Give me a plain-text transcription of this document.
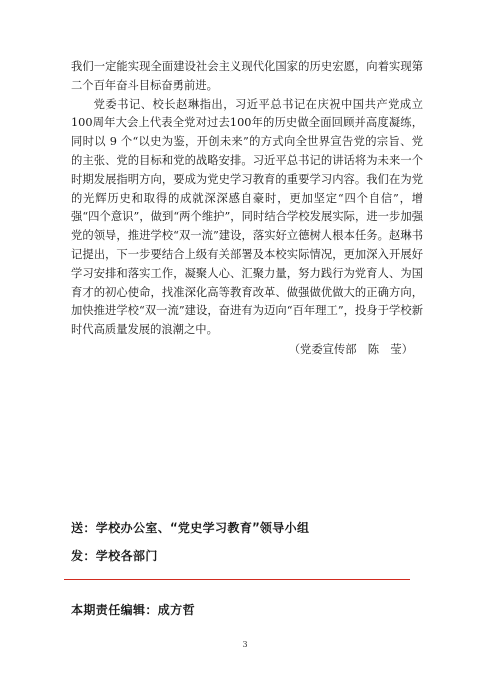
我们一定能实现全面建设社会主义现代化国家的历史宏愿，向着实现第二个百年奋斗目标奋勇前进。

党委书记、校长赵琳指出，习近平总书记在庆祝中国共产党成立100周年大会上代表全党对过去100年的历史做全面回顾并高度凝练，同时以 9 个“以史为鉴，开创未来”的方式向全世界宣告党的宗旨、党的主张、党的目标和党的战略安排。习近平总书记的讲话将为未来一个时期发展指明方向，要成为党史学习教育的重要学习内容。我们在为党的光辉历史和取得的成就深深感自豪时，更加坚定“四个自信”，增强“四个意识”，做到“两个维护”，同时结合学校发展实际，进一步加强党的领导，推进学校“双一流”建设，落实好立德树人根本任务。赵琳书记提出，下一步要结合上级有关部署及本校实际情况，更加深入开展好学习安排和落实工作，凝聚人心、汇聚力量，努力践行为党育人、为国育才的初心使命，找准深化高等教育改革、做强做优做大的正确方向，加快推进学校“双一流”建设，奋进有为迈向“百年理工”，投身于学校新时代高质量发展的浪潮之中。

（党委宣传部　陈　莹）

送：学校办公室、“党史学习教育”领导小组
发：学校各部门
本期责任编辑：成方哲
3
